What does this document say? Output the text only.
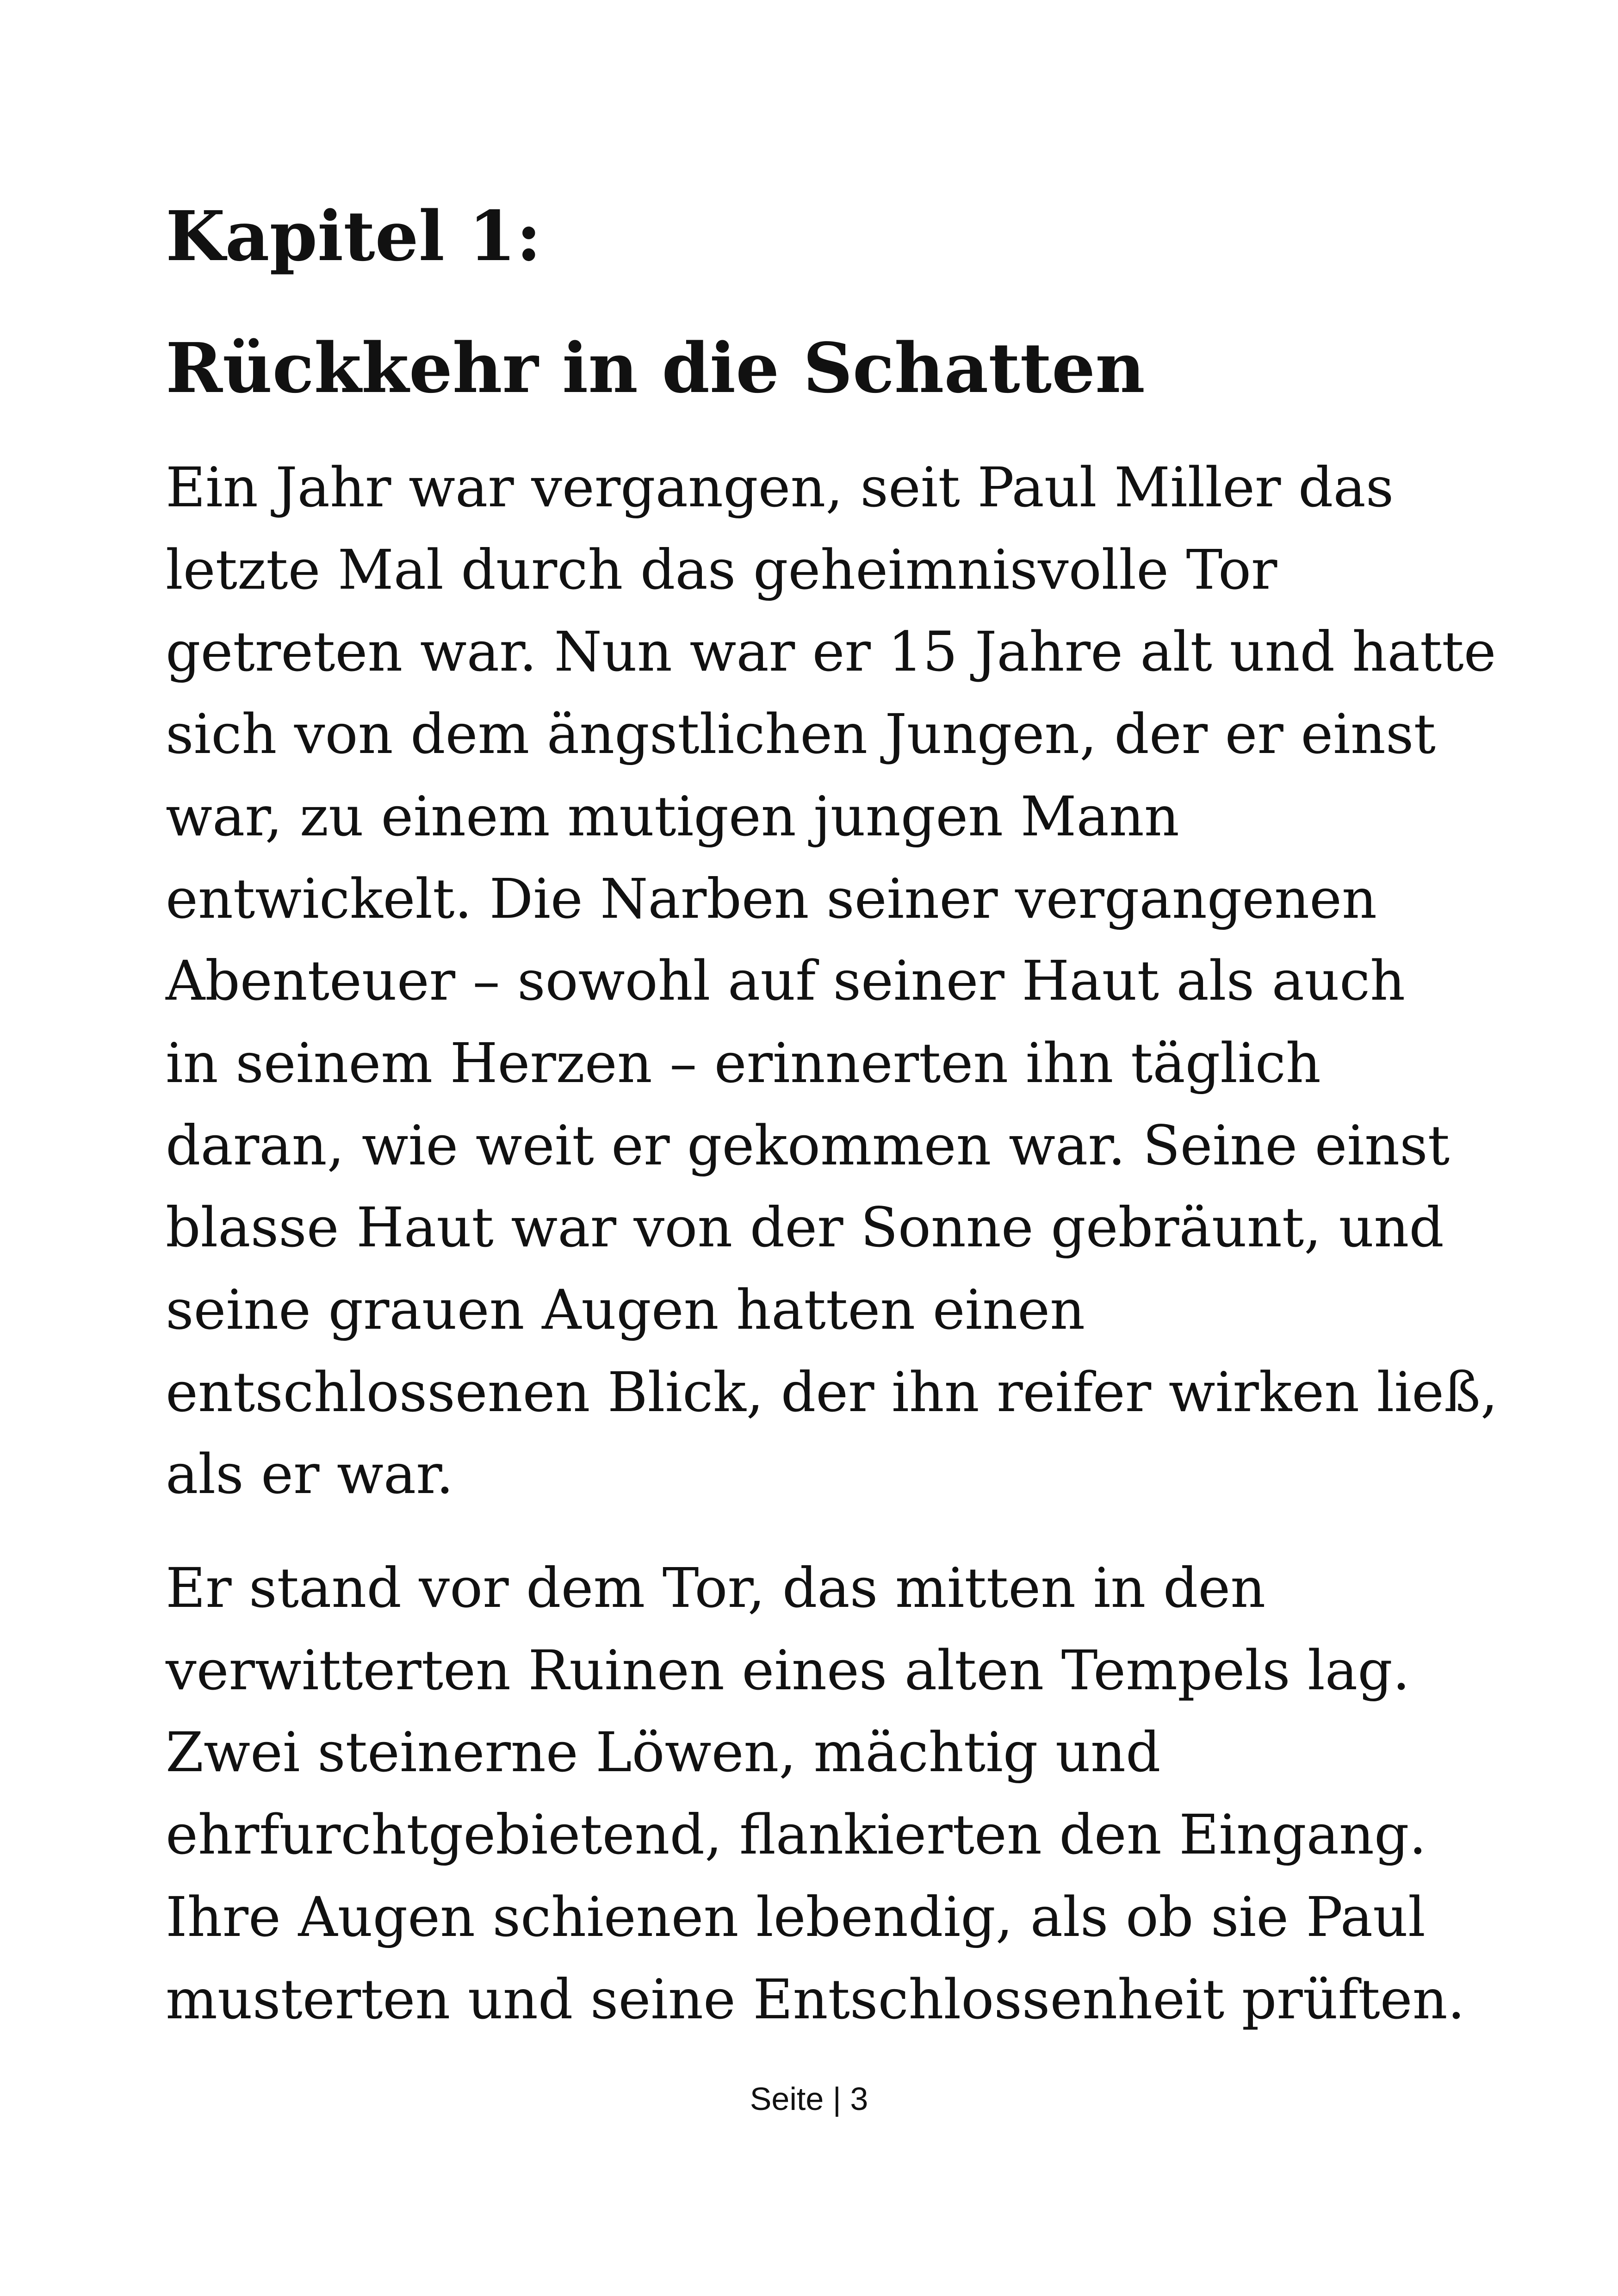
Kapitel 1:
Rückkehr in die Schatten

Ein Jahr war vergangen, seit Paul Miller das
letzte Mal durch das geheimnisvolle Tor
getreten war. Nun war er 15 Jahre alt und hatte
sich von dem ängstlichen Jungen, der er einst
war, zu einem mutigen jungen Mann
entwickelt. Die Narben seiner vergangenen
Abenteuer – sowohl auf seiner Haut als auch
in seinem Herzen – erinnerten ihn täglich
daran, wie weit er gekommen war. Seine einst
blasse Haut war von der Sonne gebräunt, und
seine grauen Augen hatten einen
entschlossenen Blick, der ihn reifer wirken ließ,
als er war.

Er stand vor dem Tor, das mitten in den
verwitterten Ruinen eines alten Tempels lag.
Zwei steinerne Löwen, mächtig und
ehrfurchtgebietend, flankierten den Eingang.
Ihre Augen schienen lebendig, als ob sie Paul
musterten und seine Entschlossenheit prüften.

Seite | 3
